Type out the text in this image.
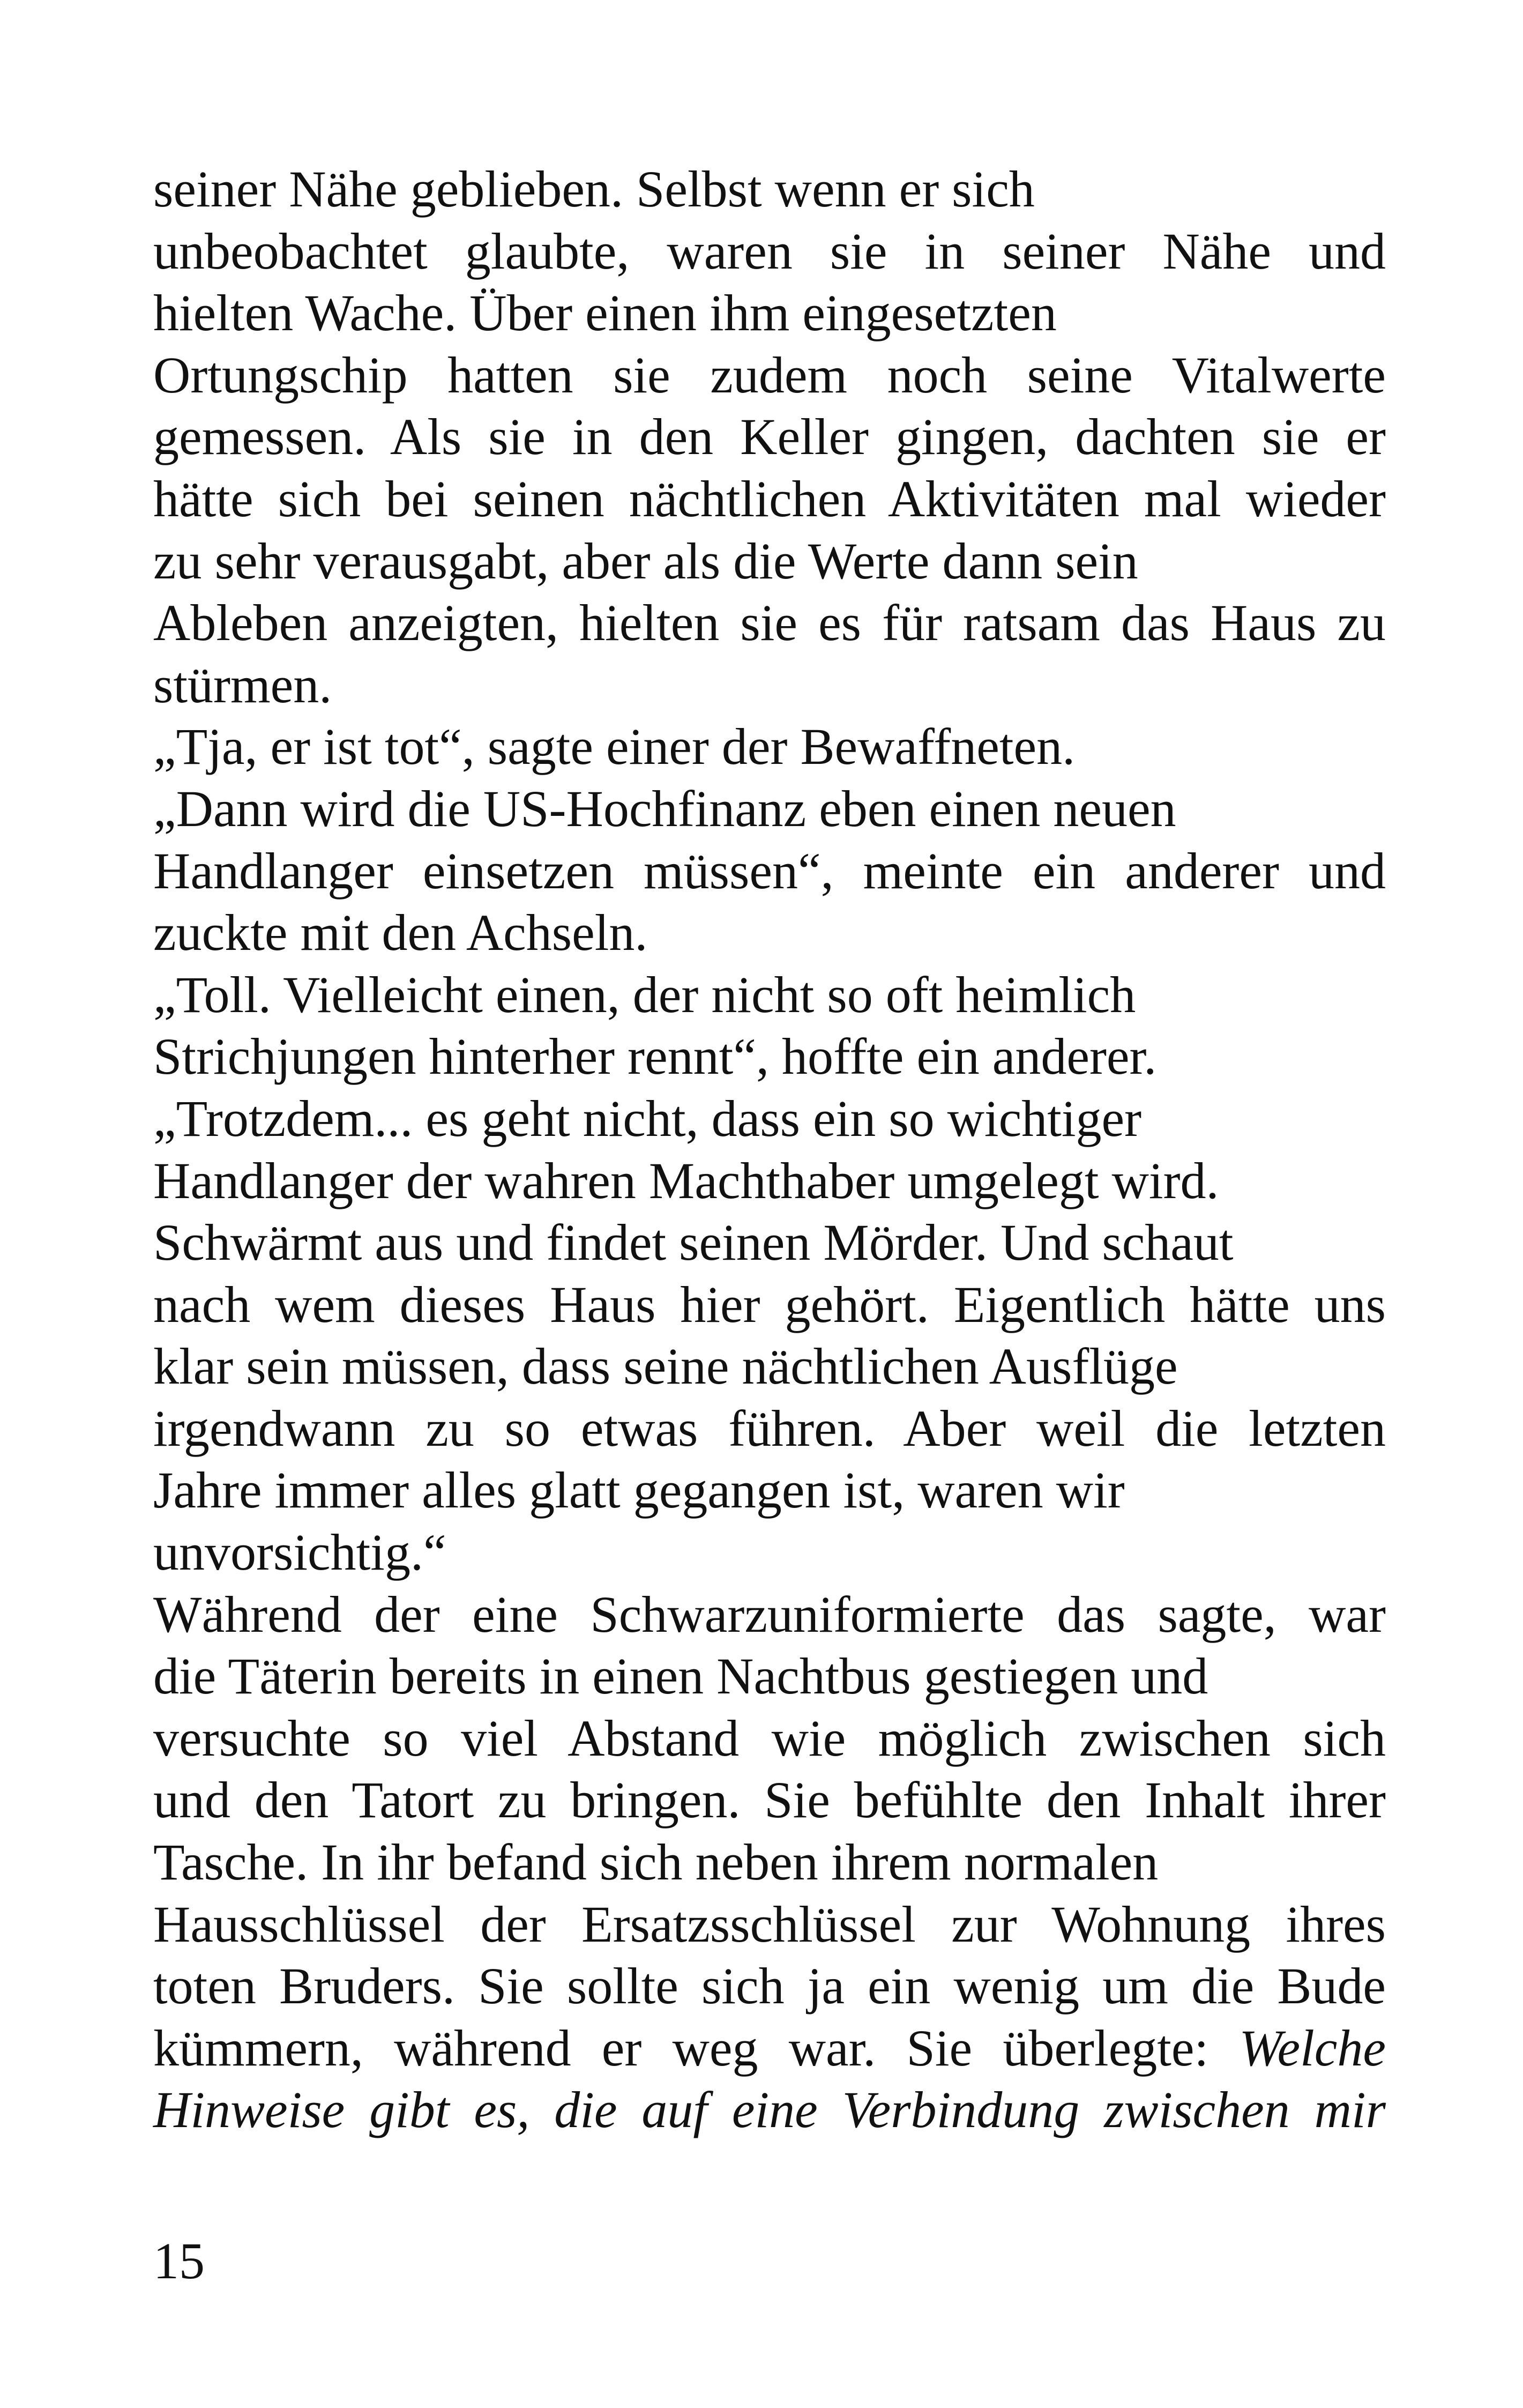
seiner Nähe geblieben. Selbst wenn er sich
unbeobachtet glaubte, waren sie in seiner Nähe und
hielten Wache. Über einen ihm eingesetzten
Ortungschip hatten sie zudem noch seine Vitalwerte
gemessen. Als sie in den Keller gingen, dachten sie er
hätte sich bei seinen nächtlichen Aktivitäten mal wieder
zu sehr verausgabt, aber als die Werte dann sein
Ableben anzeigten, hielten sie es für ratsam das Haus zu
stürmen.
„Tja, er ist tot“, sagte einer der Bewaffneten.
„Dann wird die US-Hochfinanz eben einen neuen
Handlanger einsetzen müssen“, meinte ein anderer und
zuckte mit den Achseln.
„Toll. Vielleicht einen, der nicht so oft heimlich
Strichjungen hinterher rennt“, hoffte ein anderer.
„Trotzdem... es geht nicht, dass ein so wichtiger
Handlanger der wahren Machthaber umgelegt wird.
Schwärmt aus und findet seinen Mörder. Und schaut
nach wem dieses Haus hier gehört. Eigentlich hätte uns
klar sein müssen, dass seine nächtlichen Ausflüge
irgendwann zu so etwas führen. Aber weil die letzten
Jahre immer alles glatt gegangen ist, waren wir
unvorsichtig.“
Während der eine Schwarzuniformierte das sagte, war
die Täterin bereits in einen Nachtbus gestiegen und
versuchte so viel Abstand wie möglich zwischen sich
und den Tatort zu bringen. Sie befühlte den Inhalt ihrer
Tasche. In ihr befand sich neben ihrem normalen
Hausschlüssel der Ersatzsschlüssel zur Wohnung ihres
toten Bruders. Sie sollte sich ja ein wenig um die Bude
kümmern, während er weg war. Sie überlegte: Welche
Hinweise gibt es, die auf eine Verbindung zwischen mir
15
